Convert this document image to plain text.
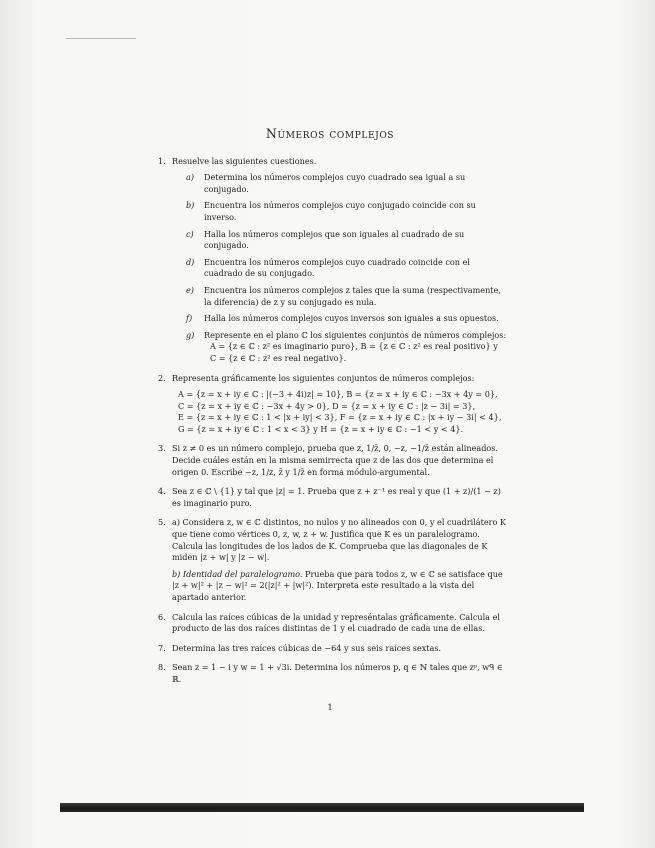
Números complejos
1. Resuelve las siguientes cuestiones.

a) Determina los números complejos cuyo cuadrado sea igual a su conjugado.

b) Encuentra los números complejos cuyo conjugado coincide con su inverso.

c) Halla los números complejos que son iguales al cuadrado de su conjugado.

d) Encuentra los números complejos cuyo cuadrado coincide con el cuadrado de su conjugado.

e) Encuentra los números complejos z tales que la suma (respectivamente, la diferencia) de z y su conjugado es nula.

f) Halla los números complejos cuyos inversos son iguales a sus opuestos.

g) Represente en el plano ℂ los siguientes conjuntos de números complejos:

A = {z ∈ ℂ : z² es imaginario puro}, B = {z ∈ ℂ : z² es real positivo} y

C = {z ∈ ℂ : z² es real negativo}.

2. Representa gráficamente los siguientes conjuntos de números complejos:

A = {z = x + iy ∈ ℂ : |(−3 + 4i)z| = 10}, B = {z = x + iy ∈ ℂ : −3x + 4y = 0},
C = {z = x + iy ∈ ℂ : −3x + 4y > 0}, D = {z = x + iy ∈ ℂ : |z − 3i| = 3},
E = {z = x + iy ∈ ℂ : 1 < |x + iy| < 3}, F = {z = x + iy ∈ ℂ : |x + iy − 3i| < 4},
G = {z = x + iy ∈ ℂ : 1 < x < 3} y H = {z = x + iy ∈ ℂ : −1 < y < 4}.
3. Si z ≠ 0 es un número complejo, prueba que z, 1/z̄, 0, −z, −1/z̄ están alineados. Decide cuáles están en la misma semirrecta que z de las dos que determina el origen 0. Escribe −z, 1/z, z̄ y 1/z̄ en forma módulo-argumental.

4. Sea z ∈ ℂ \ {1} y tal que |z| = 1. Prueba que z + z⁻¹ es real y que (1 + z)/(1 − z) es imaginario puro.

5. a) Considera z, w ∈ ℂ distintos, no nulos y no alineados con 0, y el cuadrilátero K que tiene como vértices 0, z, w, z + w. Justifica que K es un paralelogramo. Calcula las longitudes de los lados de K. Comprueba que las diagonales de K miden |z + w| y |z − w|.

b) Identidad del paralelogramo. Prueba que para todos z, w ∈ ℂ se satisface que |z + w|² + |z − w|² = 2(|z|² + |w|²). Interpreta este resultado a la vista del apartado anterior.

6. Calcula las raíces cúbicas de la unidad y represéntalas gráficamente. Calcula el producto de las dos raíces distintas de 1 y el cuadrado de cada una de ellas.

7. Determina las tres raíces cúbicas de −64 y sus seis raíces sextas.

8. Sean z = 1 − i y w = 1 + √3i. Determina los números p, q ∈ ℕ tales que zᵖ, wᑫ ∈ ℝ.

1
